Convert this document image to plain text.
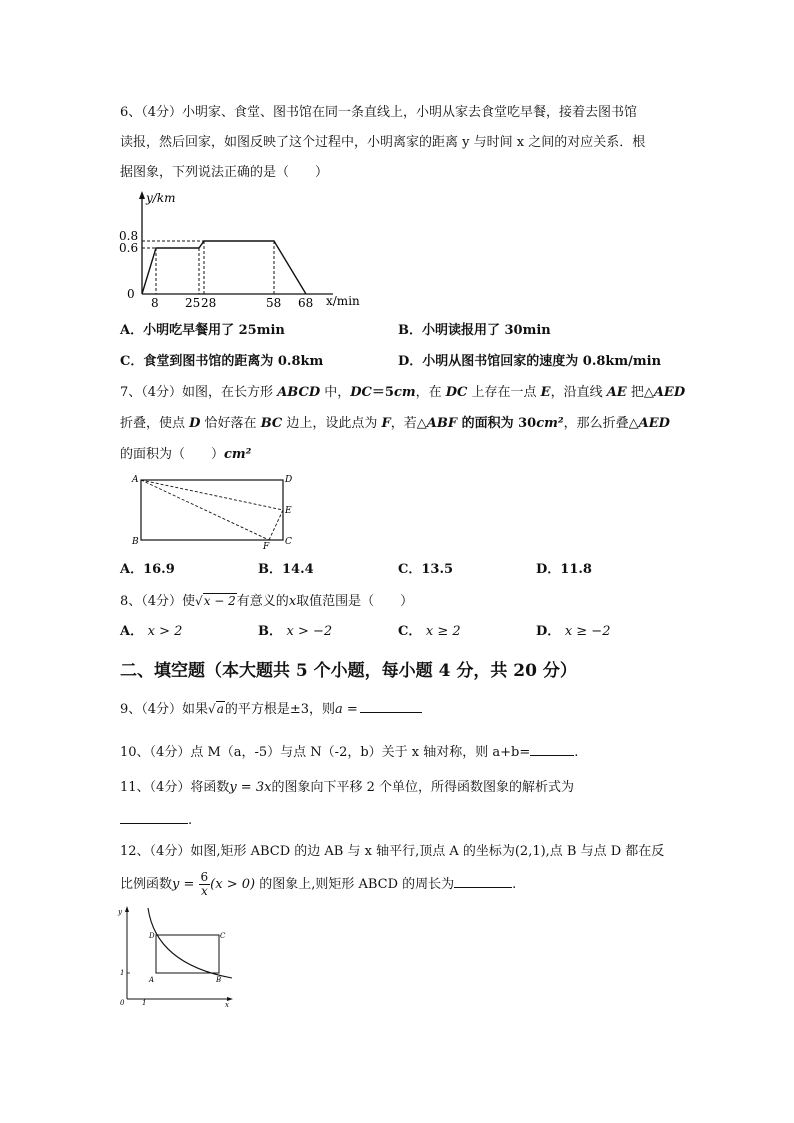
6、（4分）小明家、食堂、图书馆在同一条直线上，小明从家去食堂吃早餐，接着去图书馆
读报，然后回家，如图反映了这个过程中，小明离家的距离 y 与时间 x 之间的对应关系．根
据图象，下列说法正确的是（　　）
y/km
0.8
0.6
0
8 25 28	58 68 x/min
A．小明吃早餐用了 25min	B．小明读报用了 30min
C．食堂到图书馆的距离为 0.8km	D．小明从图书馆回家的速度为 0.8km/min
7、（4分）如图，在长方形 ABCD 中，DC＝5cm，在 DC 上存在一点 E，沿直线 AE 把△AED
折叠，使点 D 恰好落在 BC 边上，设此点为 F，若△ABF 的面积为 30cm²，那么折叠△AED
的面积为（　　）cm²
A	D
E
B	F C
A．16.9	B．14.4	C．13.5	D．11.8
8、（4分）使√x − 2有意义的x取值范围是（　　）
A． x > 2	B． x > −2	C． x ≥ 2	D． x ≥ −2
二、填空题（本大题共 5 个小题，每小题 4 分，共 20 分）
9、（4分）如果√a的平方根是±3，则a =
10、（4分）点 M（a，-5）与点 N（-2，b）关于 x 轴对称，则 a+b=	.
11、（4分）将函数y = 3x的图象向下平移 2 个单位，所得函数图象的解析式为
.
12、（4分）如图,矩形 ABCD 的边 AB 与 x 轴平行,顶点 A 的坐标为(2,1),点 B 与点 D 都在反
比例函数$y = \frac{6}{x} (x > 0)$ 的图象上,则矩形 ABCD 的周长为	.
y
0	1
1
x
D	C
A	B
